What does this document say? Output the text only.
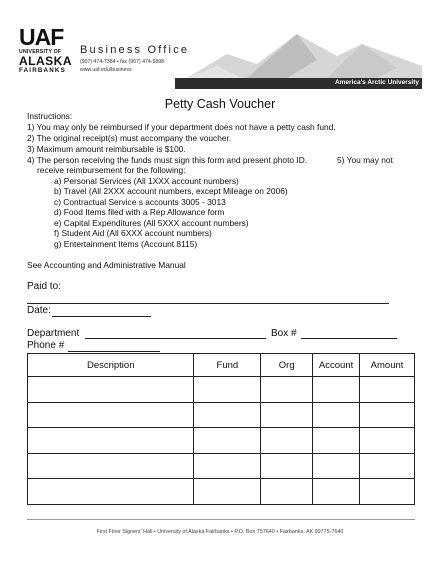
UAF
UNIVERSITY OF
ALASKA
FAIRBANKS
Business Office
(907) 474-7384 • fax (907) 474-5898
www.uaf.edu/business
America's Arctic University
Petty Cash Voucher
Instructions:
1) You may only be reimbursed if your department does not have a petty cash fund.
2) The original receipt(s) must accompany the voucher.
3) Maximum amount reimbursable is $100.
4) The person receiving the funds must sign this form and present photo ID.	5) You may not
receive reimbursement for the following:
a) Personal Services (All 1XXX account numbers)
b) Travel (All 2XXX account numbers, except Mileage on 2006)
c) Contractual Service s accounts 3005 - 3013
d) Food Items filed with a Rep Allowance form
e) Capital Expenditures (All 5XXX account numbers)
f) Student Aid (All 6XXX account numbers)
g) Entertainment Items (Account 8115)
See Accounting and Administrative Manual
Paid to:
Date:
Department	Box #
Phone #
Description	Fund	Org	Account	Amount

First Floor Signers' Hall • University of Alaska Fairbanks • P.O. Box 757640 • Fairbanks, AK 99775-7640
